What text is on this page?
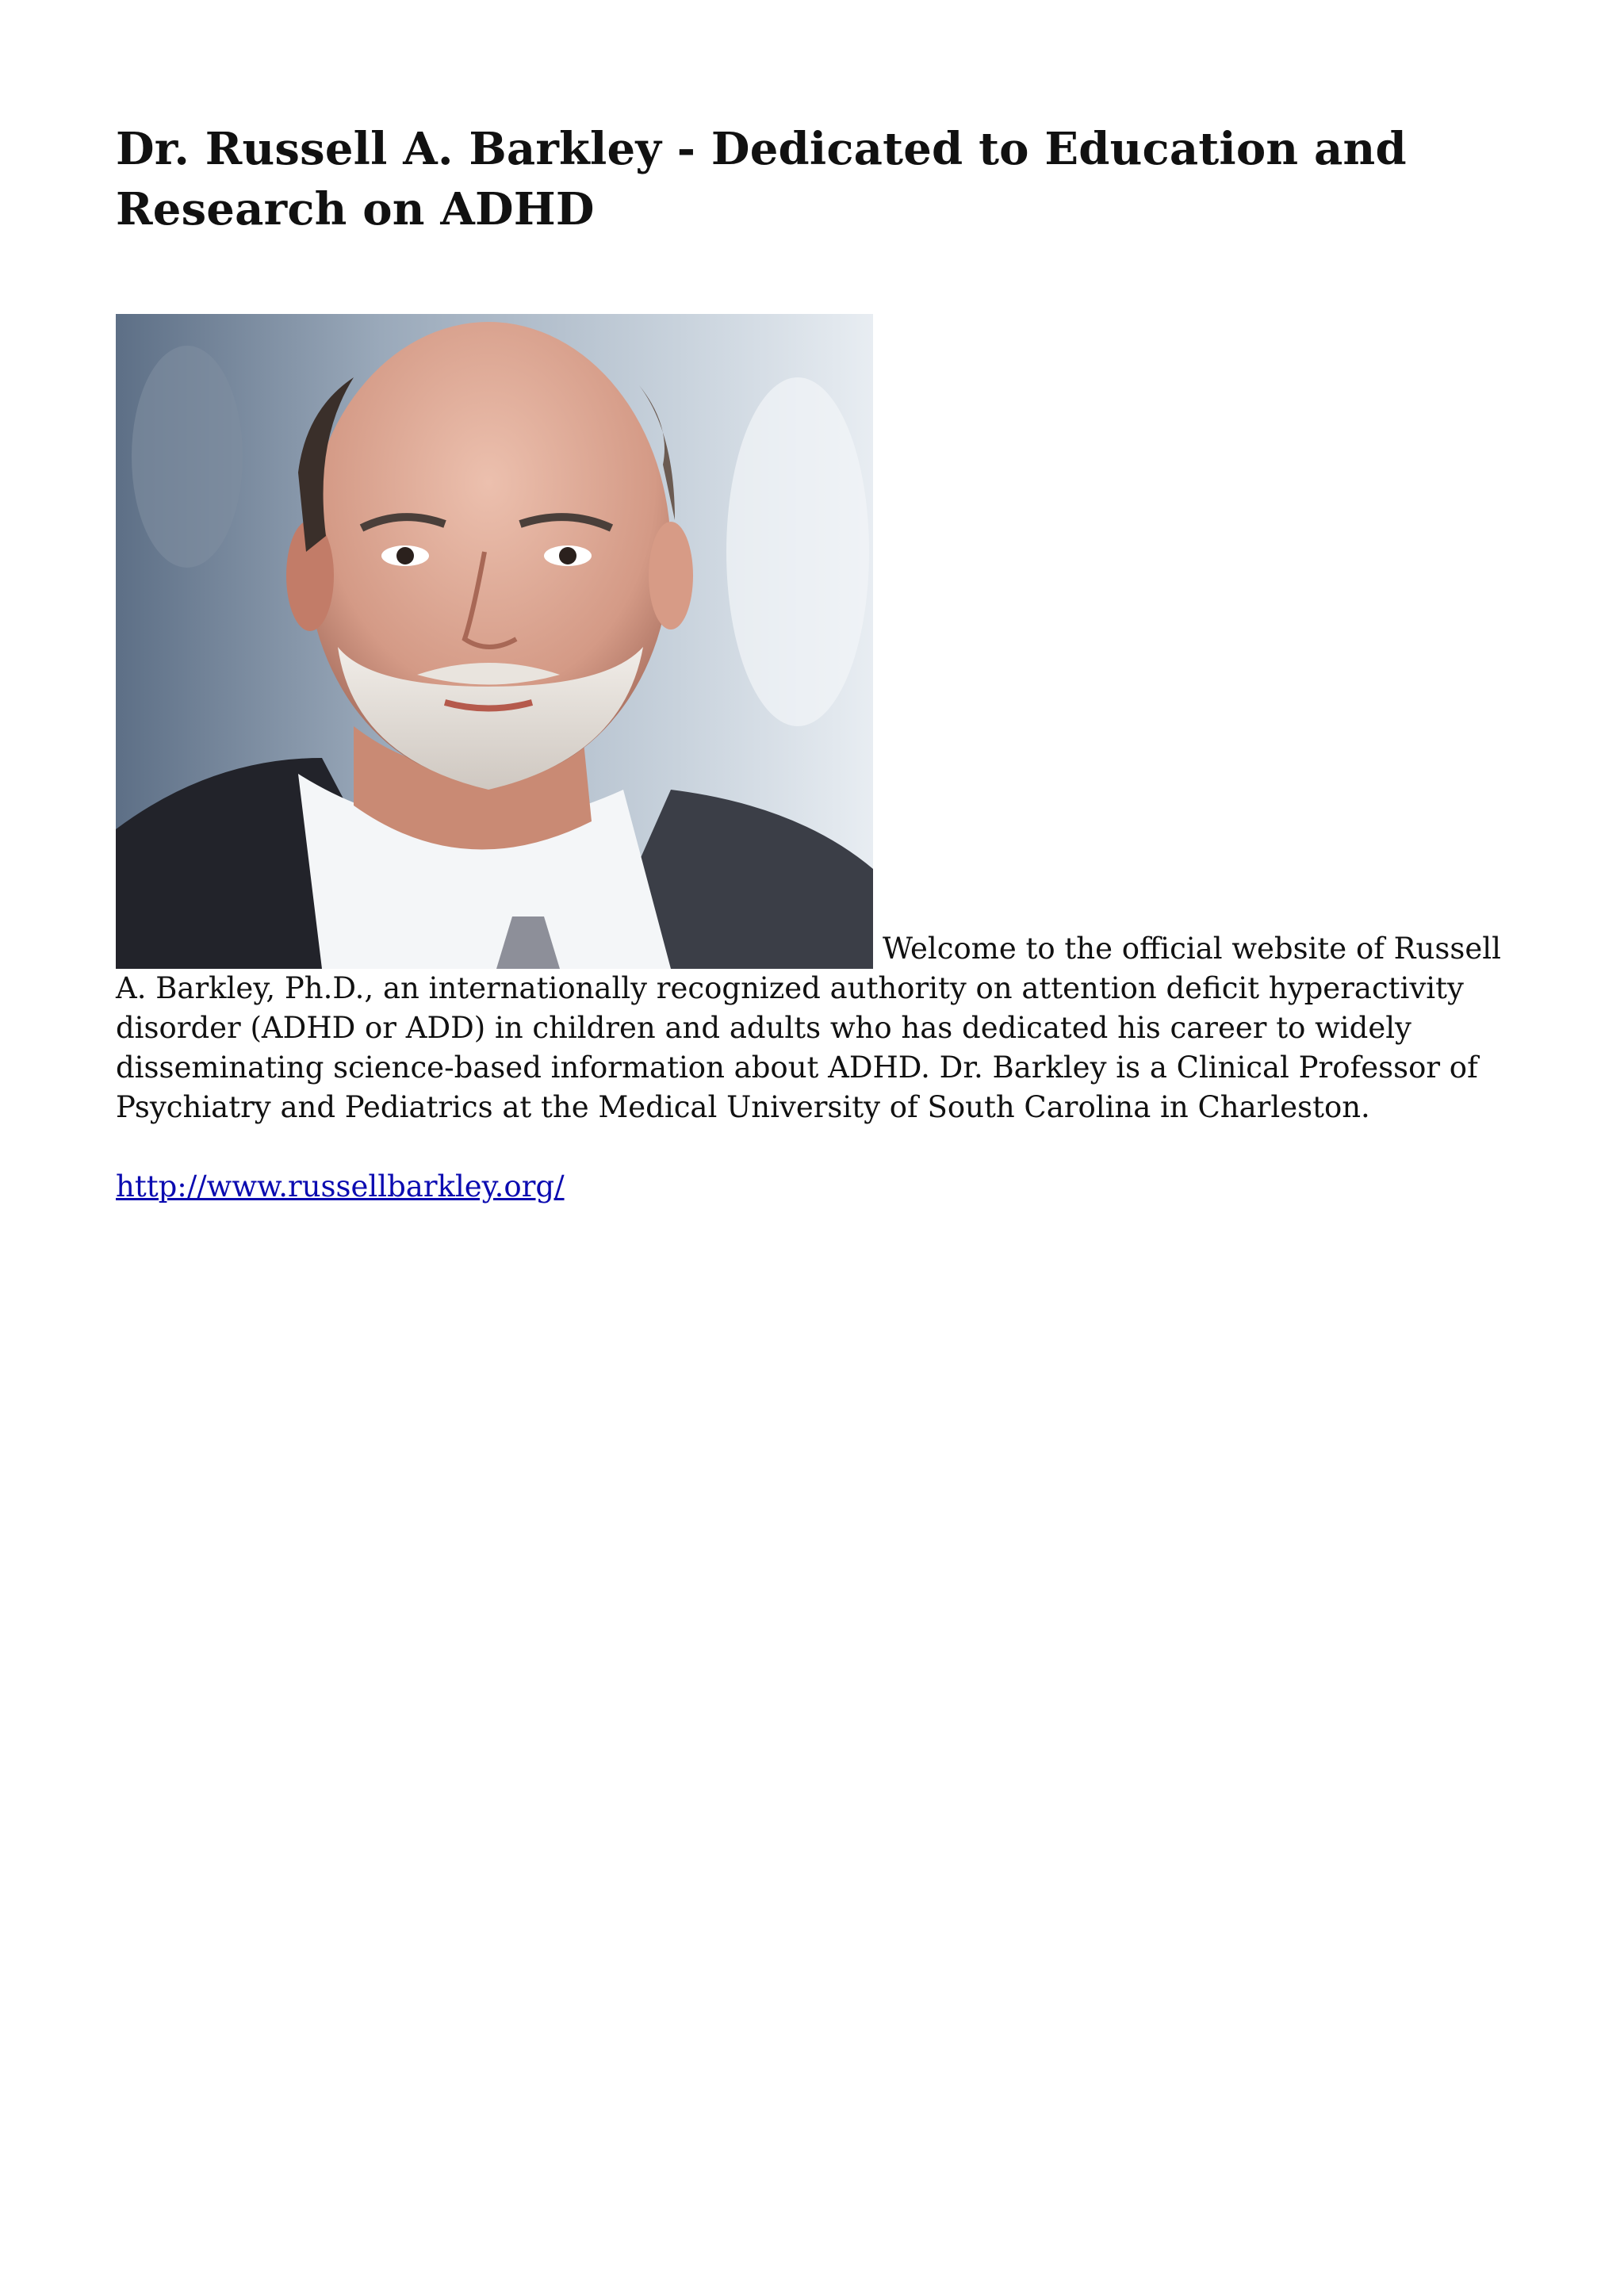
Dr. Russell A. Barkley - Dedicated to Education and Research on ADHD
Welcome to the official website of Russell A. Barkley, Ph.D., an internationally recognized authority on attention deficit hyperactivity disorder (ADHD or ADD) in children and adults who has dedicated his career to widely disseminating science-based information about ADHD. Dr. Barkley is a Clinical Professor of Psychiatry and Pediatrics at the Medical University of South Carolina in Charleston.
http://www.russellbarkley.org/
